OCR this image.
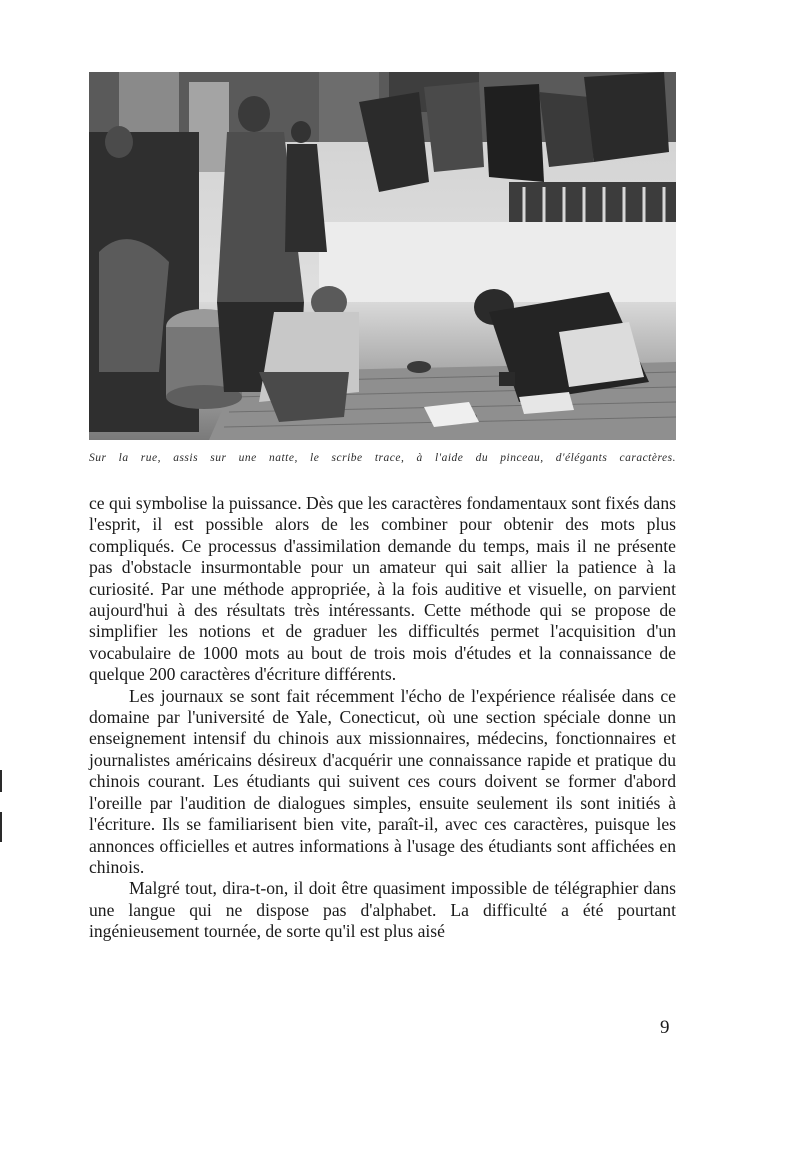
Sur la rue, assis sur une natte, le scribe trace, à l'aide du pinceau, d'élégants caractères.

ce qui symbolise la puissance. Dès que les caractères fondamentaux sont fixés dans l'esprit, il est possible alors de les combiner pour obtenir des mots plus compliqués. Ce processus d'assimilation demande du temps, mais il ne présente pas d'obstacle insurmontable pour un amateur qui sait allier la patience à la curiosité. Par une méthode appropriée, à la fois auditive et visuelle, on parvient aujourd'hui à des résultats très intéressants. Cette méthode qui se propose de simplifier les notions et de graduer les difficultés permet l'acquisition d'un vocabulaire de 1000 mots au bout de trois mois d'études et la connaissance de quelque 200 caractères d'écriture différents.

Les journaux se sont fait récemment l'écho de l'expérience réalisée dans ce domaine par l'université de Yale, Conecticut, où une section spéciale donne un enseignement intensif du chinois aux missionnaires, médecins, fonctionnaires et journalistes américains désireux d'acquérir une connaissance rapide et pratique du chinois courant. Les étudiants qui suivent ces cours doivent se former d'abord l'oreille par l'audition de dialogues simples, ensuite seulement ils sont initiés à l'écriture. Ils se familiarisent bien vite, paraît-il, avec ces caractères, puisque les annonces officielles et autres informations à l'usage des étudiants sont affichées en chinois.

Malgré tout, dira-t-on, il doit être quasiment impossible de télégraphier dans une langue qui ne dispose pas d'alphabet. La difficulté a été pourtant ingénieusement tournée, de sorte qu'il est plus aisé

9
